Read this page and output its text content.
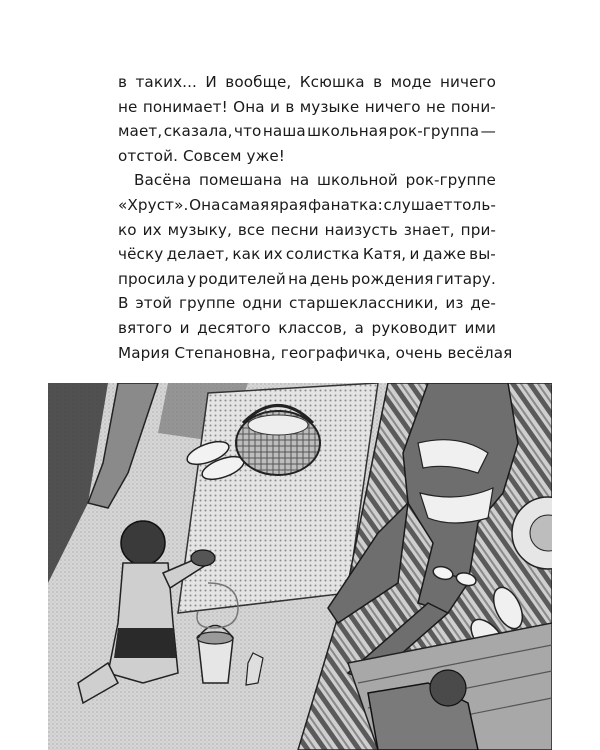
в таких... И вообще, Ксюшка в моде ничего
не понимает! Она и в музыке ничего не пони-
мает, сказала, что наша школьная рок-группа —
отстой. Совсем уже!
Васёна помешана на школьной рок-группе
«Хруст». Она самая ярая фанатка: слушает толь-
ко их музыку, все песни наизусть знает, при-
чёску делает, как их солистка Катя, и даже вы-
просила у родителей на день рождения гитару.
В этой группе одни старшеклассники, из де-
вятого и десятого классов, а руководит ими
Мария Степановна, географичка, очень весёлая
